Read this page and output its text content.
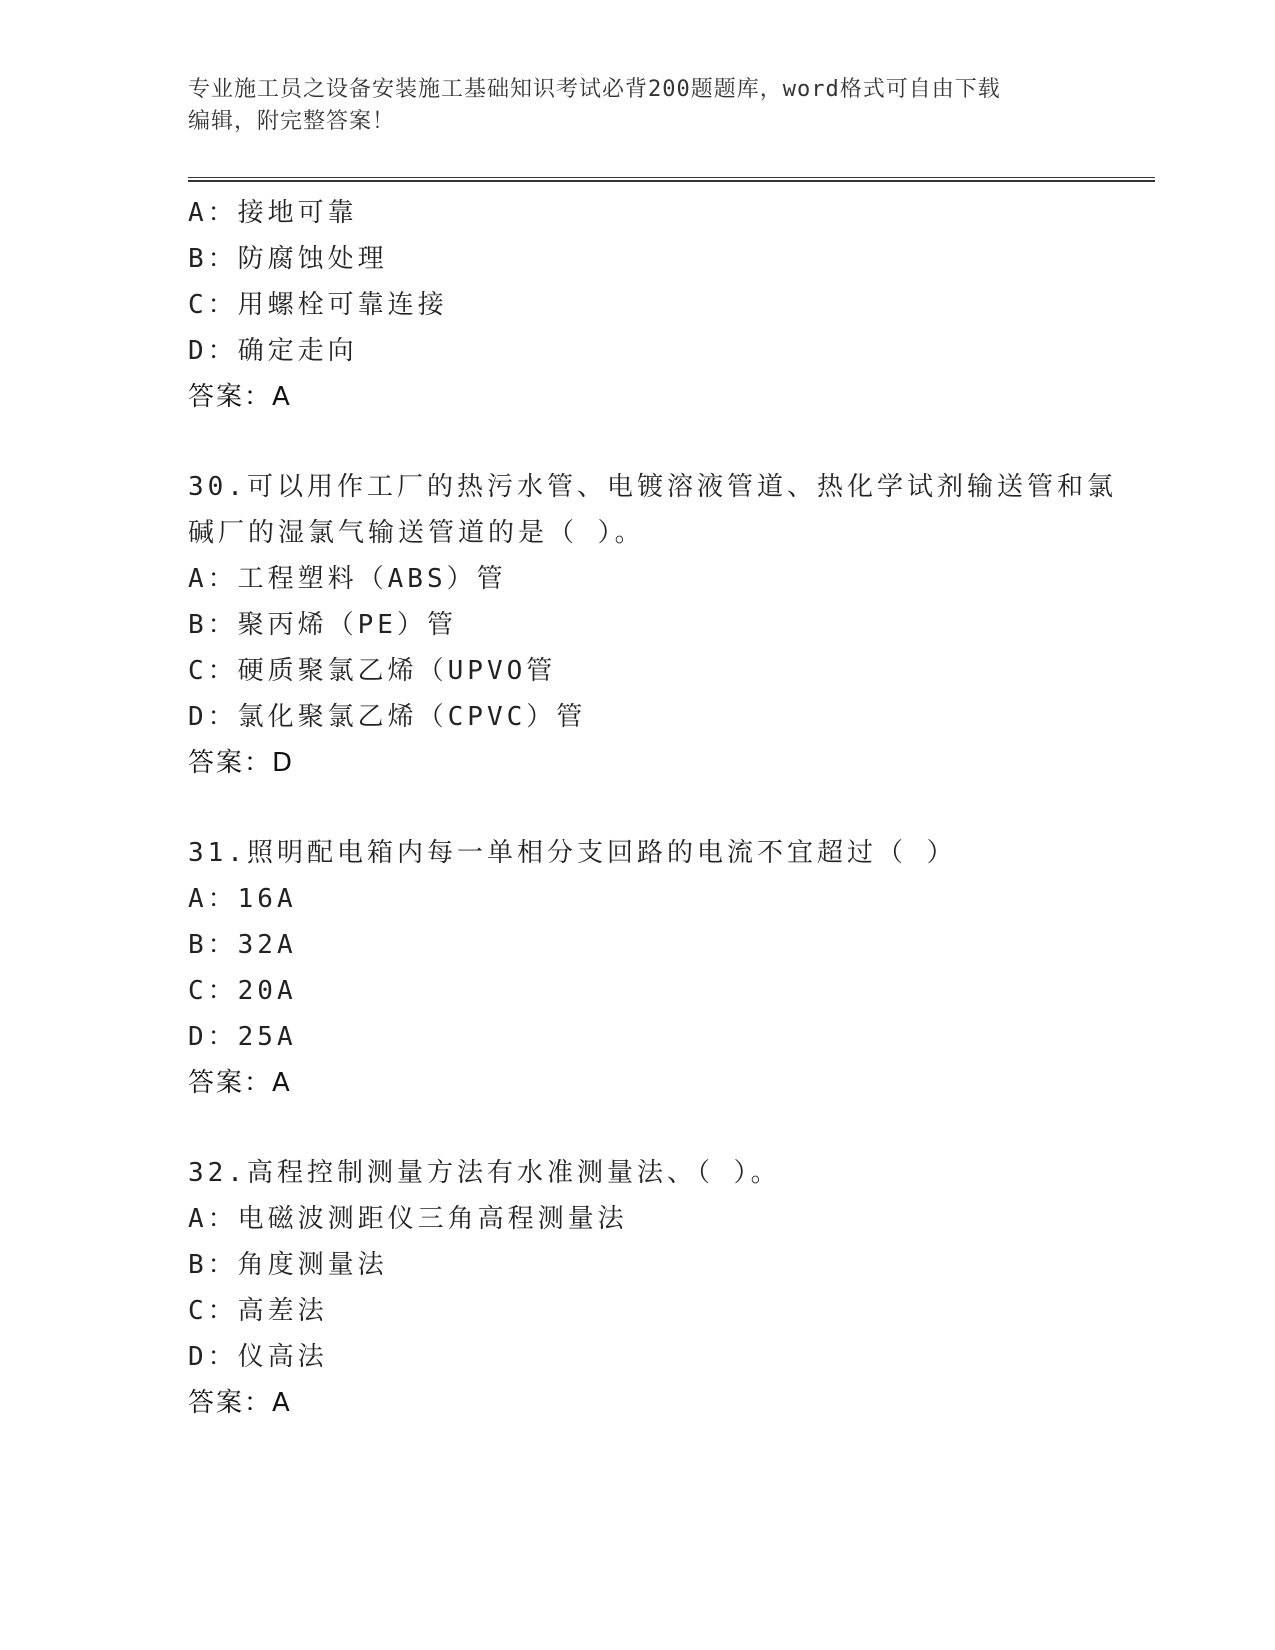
专业施工员之设备安装施工基础知识考试必背200题题库，word格式可自由下载
编辑，附完整答案！
A：接地可靠
B：防腐蚀处理
C：用螺栓可靠连接
D：确定走向
答案：A
30.可以用作工厂的热污水管、电镀溶液管道、热化学试剂输送管和氯
碱厂的湿氯气输送管道的是（ ）。
A：工程塑料（ABS）管
B：聚丙烯（PE）管
C：硬质聚氯乙烯（UPVO管
D：氯化聚氯乙烯（CPVC）管
答案：D
31.照明配电箱内每一单相分支回路的电流不宜超过（ ）
A：16A
B：32A
C：20A
D：25A
答案：A
32.高程控制测量方法有水准测量法、（ ）。
A：电磁波测距仪三角高程测量法
B：角度测量法
C：高差法
D：仪高法
答案：A
